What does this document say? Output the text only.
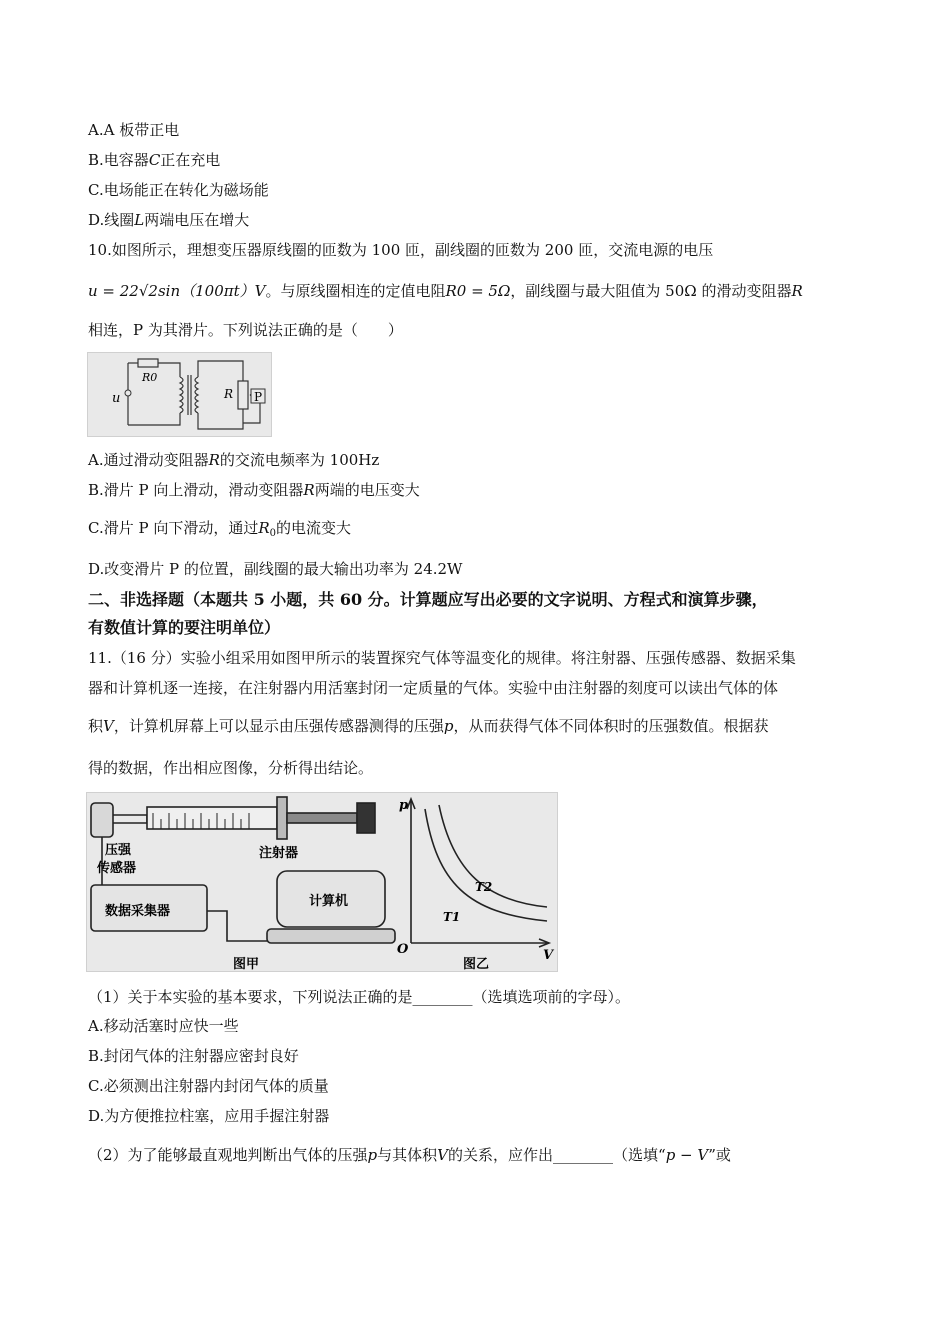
A.A 板带正电
B.电容器C正在充电
C.电场能正在转化为磁场能
D.线圈L两端电压在增大
10.如图所示，理想变压器原线圈的匝数为 100 匝，副线圈的匝数为 200 匝，交流电源的电压
u = 22√2sin（100πt）V。与原线圈相连的定值电阻R0 = 5Ω，副线圈与最大阻值为 50Ω 的滑动变阻器R
相连，P 为其滑片。下列说法正确的是（　　）
u
R0
R P
A.通过滑动变阻器R的交流电频率为 100Hz
B.滑片 P 向上滑动，滑动变阻器R两端的电压变大
C.滑片 P 向下滑动，通过$R_0$的电流变大
D.改变滑片 P 的位置，副线圈的最大输出功率为 24.2W
二、非选择题（本题共 5 小题，共 60 分。计算题应写出必要的文字说明、方程式和演算步骤，
有数值计算的要注明单位）
11.（16 分）实验小组采用如图甲所示的装置探究气体等温变化的规律。将注射器、压强传感器、数据采集
器和计算机逐一连接，在注射器内用活塞封闭一定质量的气体。实验中由注射器的刻度可以读出气体的体
积V，计算机屏幕上可以显示由压强传感器测得的压强p，从而获得气体不同体积时的压强数值。根据获
得的数据，作出相应图像，分析得出结论。
压强
传感器
注射器
数据采集器
计算机
图甲
p
V
O
T1
T2
图乙
（1）关于本实验的基本要求，下列说法正确的是________（选填选项前的字母）。
A.移动活塞时应快一些
B.封闭气体的注射器应密封良好
C.必须测出注射器内封闭气体的质量
D.为方便推拉柱塞，应用手握注射器
（2）为了能够最直观地判断出气体的压强p与其体积V的关系，应作出________（选填“p − V”或
